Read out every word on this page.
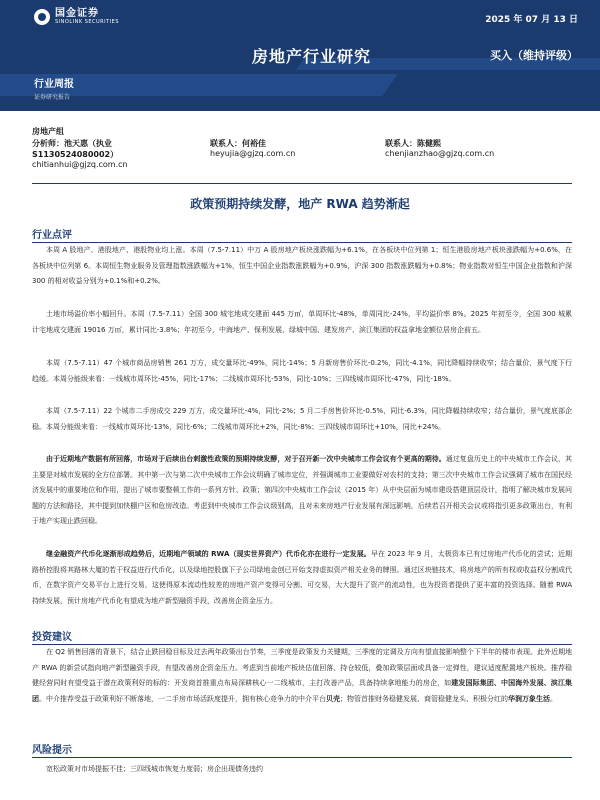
国金证券
SINOLINK SECURITIES	2025 年 07 月 13 日
房地产行业研究	买入（维持评级）
行业周报
证券研究报告
房地产组
分析师：池天惠（执业 S1130524080002）
chitianhui@gjzq.com.cn
联系人：何裕佳
heyujia@gjzq.com.cn
联系人：陈健熙
chenjianzhao@gjzq.com.cn
政策预期持续发酵，地产 RWA 趋势渐起
行业点评
本周 A 股地产、港股地产、港股物业均上涨。本周（7.5-7.11）中万 A 股房地产板块涨跌幅为+6.1%，在各板块中位列第 1；恒生港股房地产板块涨跌幅为+0.6%，在各板块中位列第 6。本周恒生物业服务及管理指数涨跌幅为+1%，恒生中国企业指数涨跌幅为+0.9%，沪深 300 指数涨跌幅为+0.8%；物业指数对恒生中国企业指数和沪深 300 的相对收益分别为+0.1%和+0.2%。
土地市场溢价率小幅回升。本周（7.5-7.11）全国 300 城宅地成交建面 445 万㎡，单周环比-48%，单周同比-24%，平均溢价率 8%。2025 年初至今，全国 300 城累计宅地成交建面 19016 万㎡，累计同比-3.8%；年初至今，中海地产、保利发展、绿城中国、建发房产、滨江集团的权益拿地金额位居房企前五。
本周（7.5-7.11）47 个城市商品房销售 261 万方，成交量环比-49%，同比-14%；5 月新房售价环比-0.2%，同比-4.1%，同比降幅持续收窄；结合量价，景气度下行趋缓。本周分能级来看：一线城市周环比-45%，同比-17%；二线城市周环比-53%，同比-10%；三四线城市周环比-47%，同比-18%。
本周（7.5-7.11）22 个城市二手房成交 229 万方，成交量环比-4%，同比-2%；5 月二手房售价环比-0.5%，同比-6.3%，同比降幅持续收窄；结合量价，景气度底部企稳。本周分能级来看：一线城市周环比-13%，同比-6%；二线城市周环比+2%，同比-8%；三四线城市周环比+10%，同比+24%。
由于近期地产数据有所回落，市场对于后续出台刺激性政策的预期持续发酵，对于召开新一次中央城市工作会议有个更高的期待。通过复盘历史上的中央城市工作会议，其主要是对城市发展的全方位部署。其中第一次与第二次中央城市工作会议明确了城市定位，并强调城市工业要做好对农村的支持；第三次中央城市工作会议强调了城市在国民经济发展中的重要地位和作用，提出了城市要整顿工作的一系列方针、政策；第四次中央城市工作会议（2015 年）从中央层面为城市建设搭建顶层设计，指明了解决城市发展问题的方法和路径，其中提到加快棚户区和危房改造。考虑到中央城市工作会议级别高，且对未来房地产行业发展有深远影响，后续若召开相关会议或将指引更多政策出台，有利于地产实现止跌回稳。
继金融资产代币化逐渐形成趋势后，近期地产领域的 RWA（现实世界资产）代币化亦在进行一定发展。早在 2023 年 9 月，太极资本已有过房地产代币化的尝试；近期路桥控股将其路林大厦的若干权益进行代币化，以及绿地控股旗下子公司绿地金创已开始支持虚拟资产相关业务的牌照。通过区块链技术，将房地产的所有权或收益权分割成代币，在数字资产交易平台上进行交易，这使得原本流动性较差的房地产资产变得可分割、可交易，大大提升了资产的流动性，也为投资者提供了更丰富的投资选择。随着 RWA 持续发展，预计房地产代币化有望成为地产新型融资手段，改善房企资金压力。
投资建议
在 Q2 销售回落的背景下，结合止跌回稳目标及过去两年政策出台节奏，三季度是政策发力关键期，三季度的定调及方向有望直接影响整个下半年的楼市表现。此外近期地产 RWA 的新尝试指向地产新型融资手段，有望改善房企资金压力。考虑到当前地产板块估值回落、持仓较低，叠加政策层面或具备一定弹性，建议适度配置地产板块。推荐稳健经营同时有望受益于潜在政策利好的标的：开发商首推重点布局深耕核心一二线城市，主打改善产品，具备持续拿地能力的房企，如建发国际集团、中国海外发展、滨江集团。中介推荐受益于政策利好不断落地，一二手房市场活跃度提升，拥有核心竞争力的中介平台贝壳；物管首推财务稳健发展、商管稳健龙头、积极分红的华润万象生活。
风险提示
宽松政策对市场提振不佳；三四线城市恢复力度弱；房企出现债务违约
